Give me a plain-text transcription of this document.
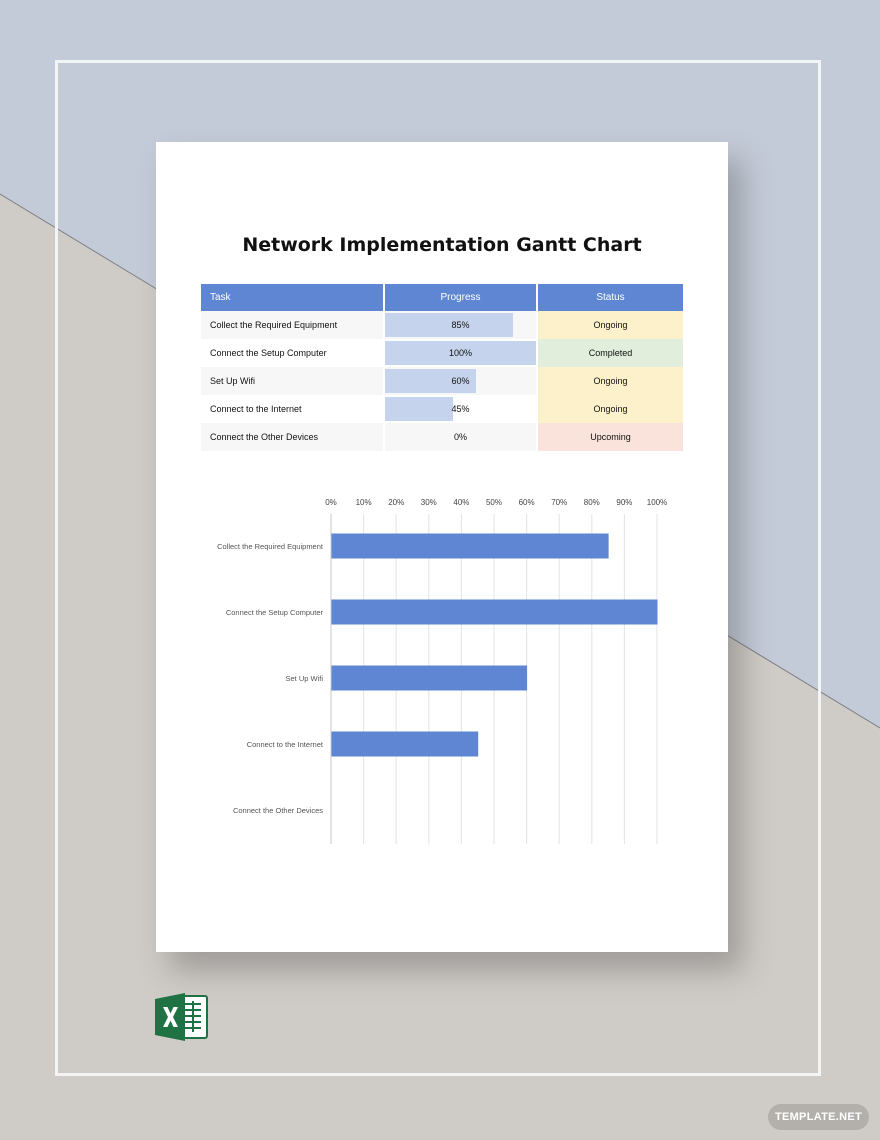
Network Implementation Gantt Chart
Task	Progress	Status
Collect the Required Equipment	85%	Ongoing
Connect the Setup Computer	100%	Completed
Set Up Wifi	60%	Ongoing
Connect to the Internet	45%	Ongoing
Connect the Other Devices	0%	Upcoming
0% 10% 20% 30% 40% 50% 60% 70% 80% 90% 100%
Collect the Required Equipment
Connect the Setup Computer
Set Up Wifi
Connect to the Internet
Connect the Other Devices
TEMPLATE.NET
